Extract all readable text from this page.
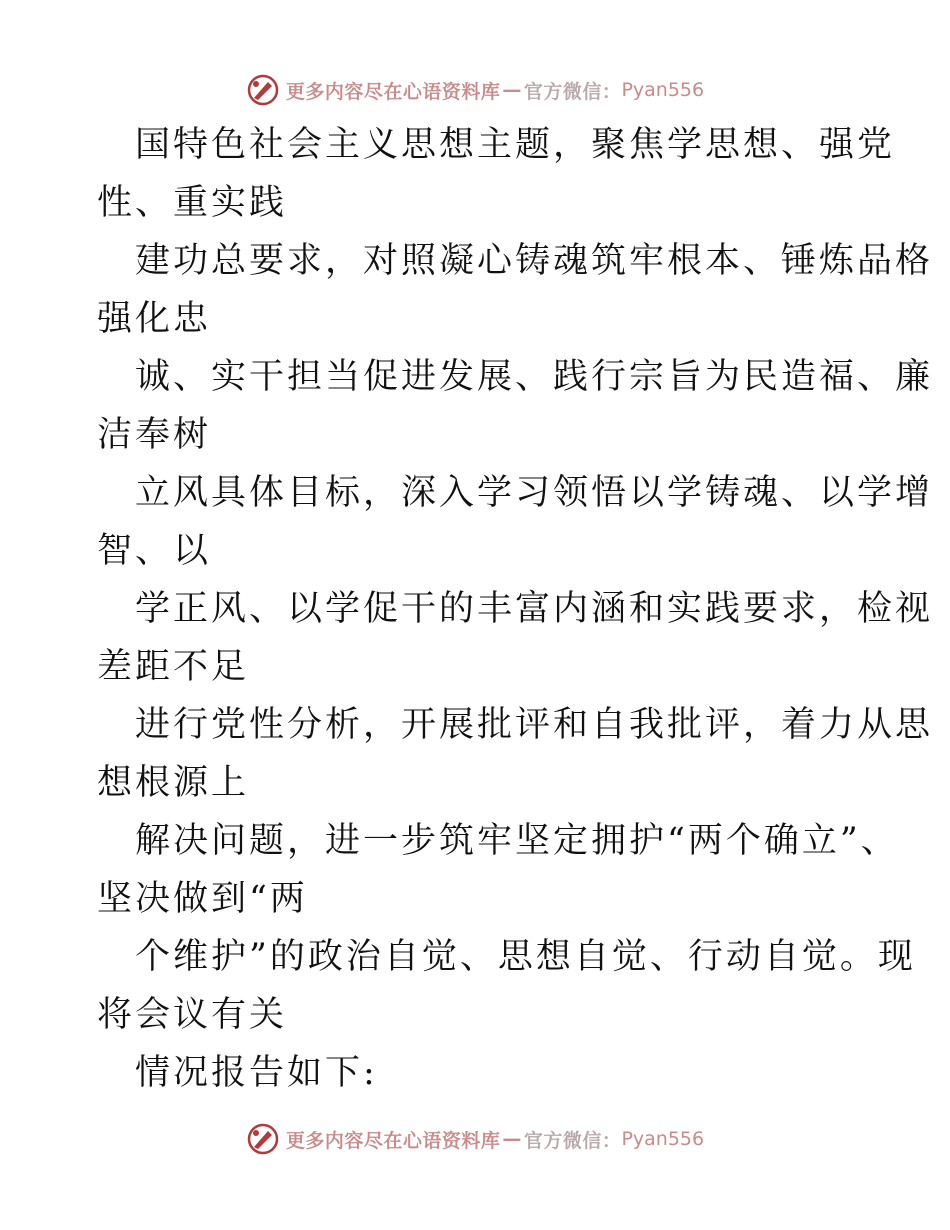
更多内容尽在心语资料库 — 官方微信： Pyan556
国特色社会主义思想主题，聚焦学思想、强党
性、重实践
建功总要求，对照凝心铸魂筑牢根本、锤炼品格
强化忠
诚、实干担当促进发展、践行宗旨为民造福、廉
洁奉树
立风具体目标，深入学习领悟以学铸魂、以学增
智、以
学正风、以学促干的丰富内涵和实践要求，检视
差距不足
进行党性分析，开展批评和自我批评，着力从思
想根源上
解决问题，进一步筑牢坚定拥护“两个确立”、
坚决做到“两
个维护”的政治自觉、思想自觉、行动自觉。现
将会议有关
情况报告如下:
更多内容尽在心语资料库 — 官方微信： Pyan556
